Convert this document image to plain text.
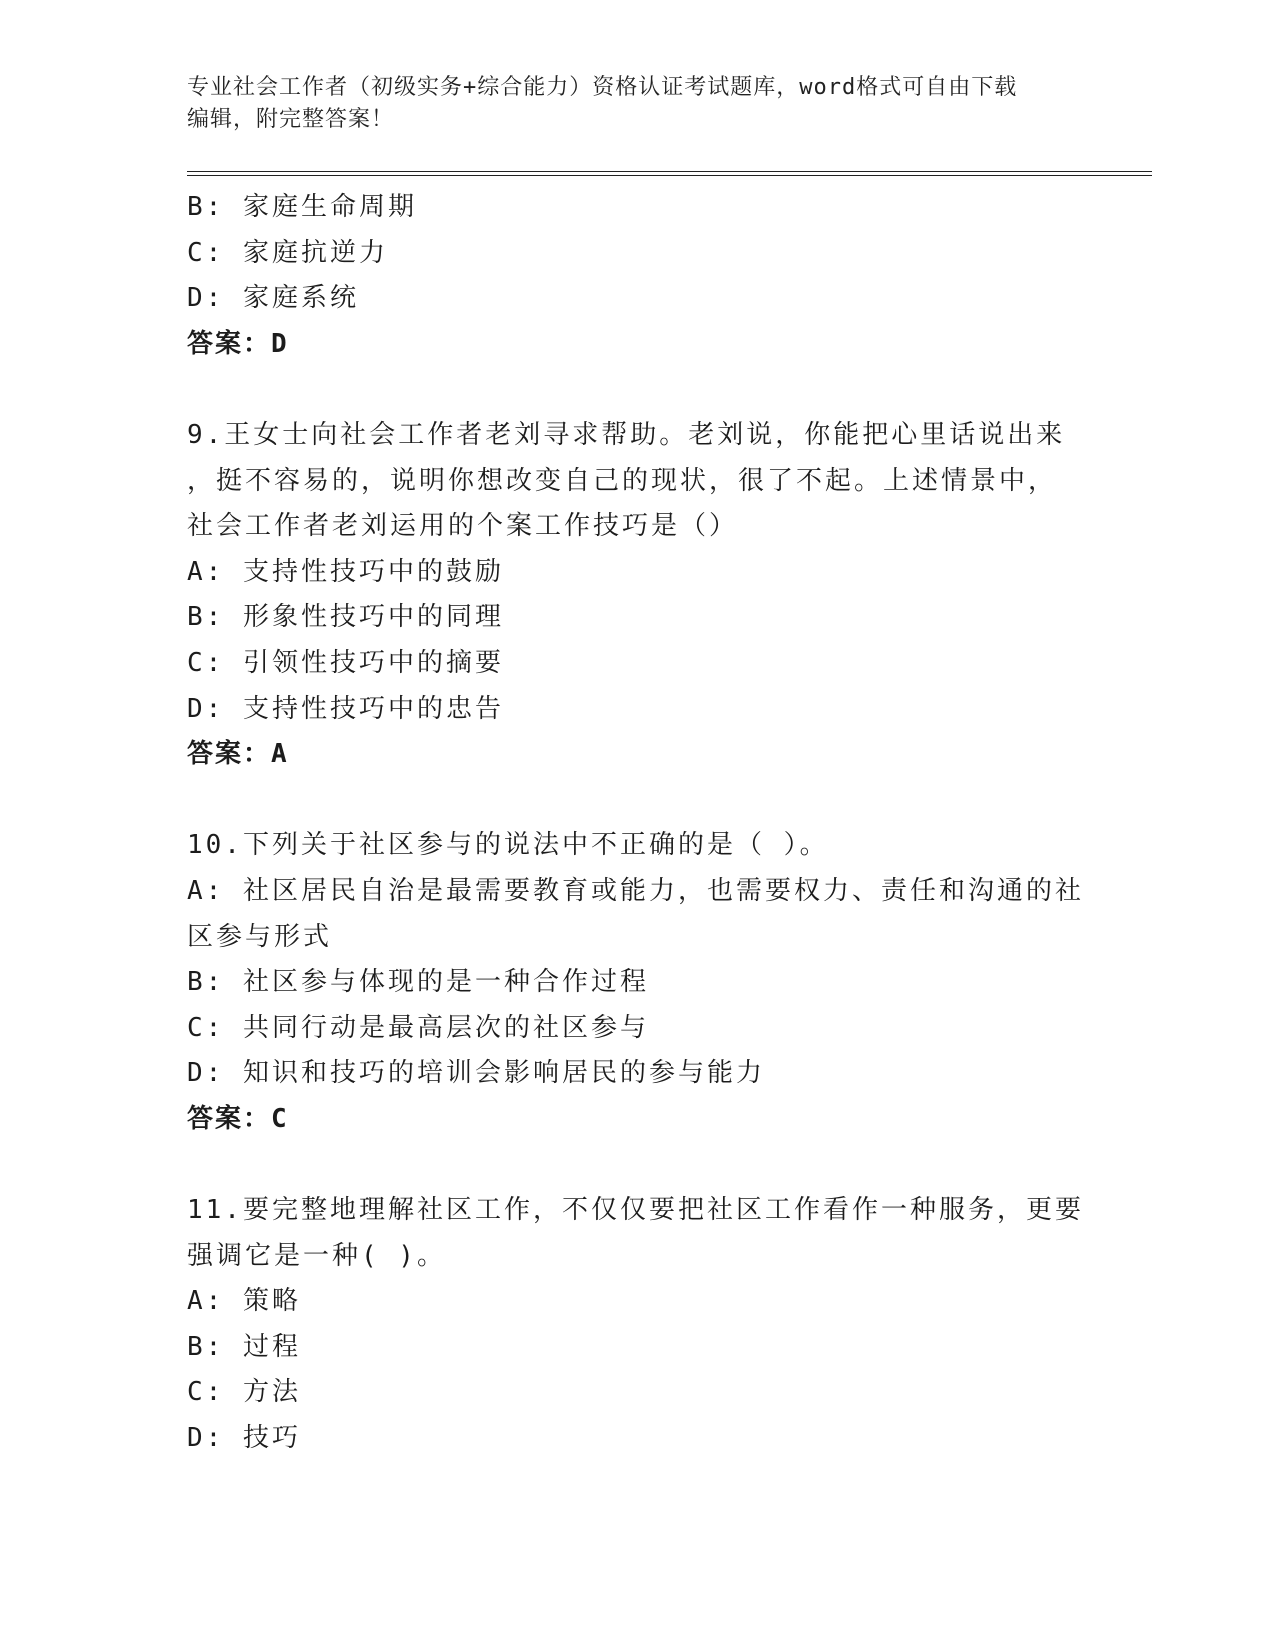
专业社会工作者（初级实务+综合能力）资格认证考试题库，word格式可自由下载
编辑，附完整答案！
B: 家庭生命周期
C: 家庭抗逆力
D: 家庭系统
答案：D
9.王女士向社会工作者老刘寻求帮助。老刘说，你能把心里话说出来
，挺不容易的，说明你想改变自己的现状，很了不起。上述情景中，
社会工作者老刘运用的个案工作技巧是（）
A: 支持性技巧中的鼓励
B: 形象性技巧中的同理
C: 引领性技巧中的摘要
D: 支持性技巧中的忠告
答案：A
10.下列关于社区参与的说法中不正确的是（ ）。
A: 社区居民自治是最需要教育或能力，也需要权力、责任和沟通的社
区参与形式
B: 社区参与体现的是一种合作过程
C: 共同行动是最高层次的社区参与
D: 知识和技巧的培训会影响居民的参与能力
答案：C
11.要完整地理解社区工作，不仅仅要把社区工作看作一种服务，更要
强调它是一种( )。
A: 策略
B: 过程
C: 方法
D: 技巧
